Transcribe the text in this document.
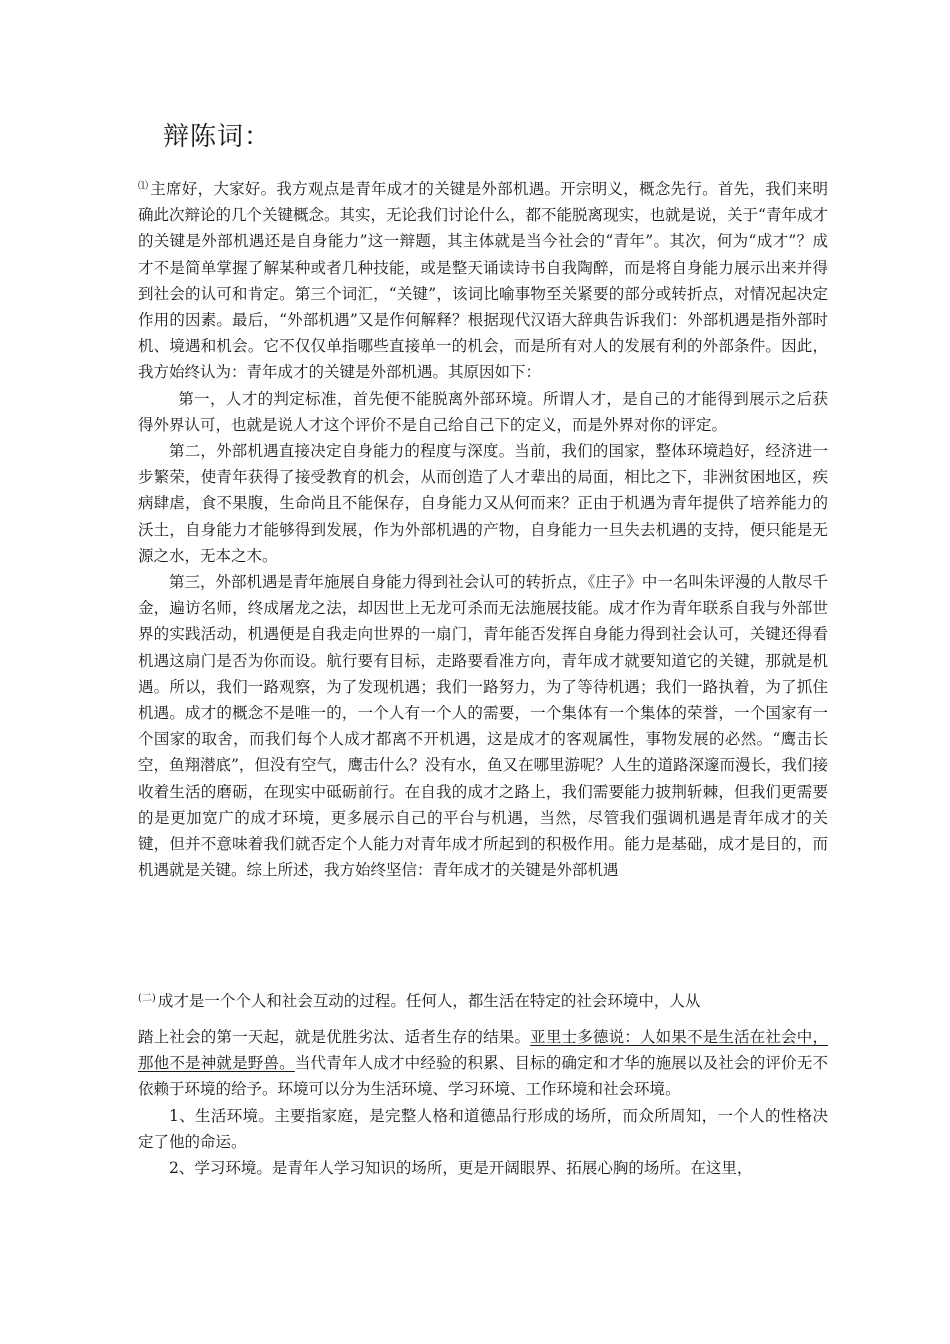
辩陈词：

⑴ 主席好，大家好。我方观点是青年成才的关键是外部机遇。开宗明义，概念先行。首先，我们来明确此次辩论的几个关键概念。其实，无论我们讨论什么，都不能脱离现实，也就是说，关于“青年成才的关键是外部机遇还是自身能力”这一辩题，其主体就是当今社会的“青年”。其次，何为“成才”？成才不是简单掌握了解某种或者几种技能，或是整天诵读诗书自我陶醉，而是将自身能力展示出来并得到社会的认可和肯定。第三个词汇，“关键”，该词比喻事物至关紧要的部分或转折点，对情况起决定作用的因素。最后，“外部机遇”又是作何解释？根据现代汉语大辞典告诉我们：外部机遇是指外部时机、境遇和机会。它不仅仅单指哪些直接单一的机会，而是所有对人的发展有利的外部条件。因此，我方始终认为：青年成才的关键是外部机遇。其原因如下：

第一，人才的判定标准，首先便不能脱离外部环境。所谓人才，是自己的才能得到展示之后获得外界认可，也就是说人才这个评价不是自己给自己下的定义，而是外界对你的评定。

第二，外部机遇直接决定自身能力的程度与深度。当前，我们的国家，整体环境趋好，经济进一步繁荣，使青年获得了接受教育的机会，从而创造了人才辈出的局面，相比之下，非洲贫困地区，疾病肆虐，食不果腹，生命尚且不能保存，自身能力又从何而来？正由于机遇为青年提供了培养能力的沃土，自身能力才能够得到发展，作为外部机遇的产物，自身能力一旦失去机遇的支持，便只能是无源之水，无本之木。

第三，外部机遇是青年施展自身能力得到社会认可的转折点，《庄子》中一名叫朱评漫的人散尽千金，遍访名师，终成屠龙之法，却因世上无龙可杀而无法施展技能。成才作为青年联系自我与外部世界的实践活动，机遇便是自我走向世界的一扇门，青年能否发挥自身能力得到社会认可，关键还得看机遇这扇门是否为你而设。航行要有目标，走路要看准方向，青年成才就要知道它的关键，那就是机遇。所以，我们一路观察，为了发现机遇；我们一路努力，为了等待机遇；我们一路执着，为了抓住机遇。成才的概念不是唯一的，一个人有一个人的需要，一个集体有一个集体的荣誉，一个国家有一个国家的取舍，而我们每个人成才都离不开机遇，这是成才的客观属性，事物发展的必然。“鹰击长空，鱼翔潜底”，但没有空气，鹰击什么？没有水，鱼又在哪里游呢？人生的道路深邃而漫长，我们接收着生活的磨砺，在现实中砥砺前行。在自我的成才之路上，我们需要能力披荆斩棘，但我们更需要的是更加宽广的成才环境，更多展示自己的平台与机遇，当然，尽管我们强调机遇是青年成才的关键，但并不意味着我们就否定个人能力对青年成才所起到的积极作用。能力是基础，成才是目的，而机遇就是关键。综上所述，我方始终坚信：青年成才的关键是外部机遇

$^{(二)}$ 成才是一个个人和社会互动的过程。任何人，都生活在特定的社会环境中，人从

踏上社会的第一天起，就是优胜劣汰、适者生存的结果。亚里士多德说：人如果不是生活在社会中，那他不是神就是野兽。当代青年人成才中经验的积累、目标的确定和才华的施展以及社会的评价无不依赖于环境的给予。环境可以分为生活环境、学习环境、工作环境和社会环境。

1、生活环境。主要指家庭，是完整人格和道德品行形成的场所，而众所周知，一个人的性格决定了他的命运。

2、学习环境。是青年人学习知识的场所，更是开阔眼界、拓展心胸的场所。在这里，
